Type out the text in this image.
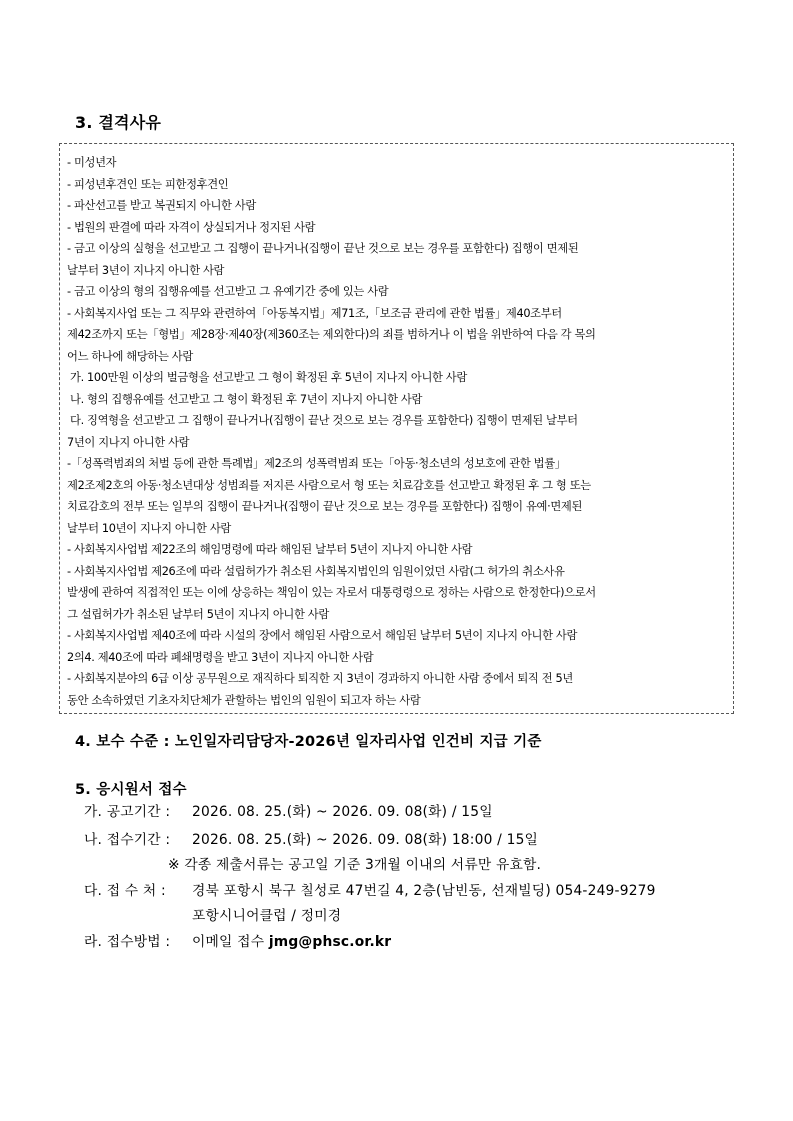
3. 결격사유
- 미성년자
- 피성년후견인 또는 피한정후견인
- 파산선고를 받고 복권되지 아니한 사람
- 법원의 판결에 따라 자격이 상실되거나 정지된 사람
- 금고 이상의 실형을 선고받고 그 집행이 끝나거나(집행이 끝난 것으로 보는 경우를 포함한다) 집행이 면제된
날부터 3년이 지나지 아니한 사람
- 금고 이상의 형의 집행유예를 선고받고 그 유예기간 중에 있는 사람
- 사회복지사업 또는 그 직무와 관련하여「아동복지법」제71조,「보조금 관리에 관한 법률」제40조부터
제42조까지 또는「형법」제28장·제40장(제360조는 제외한다)의 죄를 범하거나 이 법을 위반하여 다음 각 목의
어느 하나에 해당하는 사람
가. 100만원 이상의 벌금형을 선고받고 그 형이 확정된 후 5년이 지나지 아니한 사람
나. 형의 집행유예를 선고받고 그 형이 확정된 후 7년이 지나지 아니한 사람
다. 징역형을 선고받고 그 집행이 끝나거나(집행이 끝난 것으로 보는 경우를 포함한다) 집행이 면제된 날부터
7년이 지나지 아니한 사람
-「성폭력범죄의 처벌 등에 관한 특례법」제2조의 성폭력범죄 또는「아동·청소년의 성보호에 관한 법률」
제2조제2호의 아동·청소년대상 성범죄를 저지른 사람으로서 형 또는 치료감호를 선고받고 확정된 후 그 형 또는
치료감호의 전부 또는 일부의 집행이 끝나거나(집행이 끝난 것으로 보는 경우를 포함한다) 집행이 유예·면제된
날부터 10년이 지나지 아니한 사람
- 사회복지사업법 제22조의 해임명령에 따라 해임된 날부터 5년이 지나지 아니한 사람
- 사회복지사업법 제26조에 따라 설립허가가 취소된 사회복지법인의 임원이었던 사람(그 허가의 취소사유
발생에 관하여 직접적인 또는 이에 상응하는 책임이 있는 자로서 대통령령으로 정하는 사람으로 한정한다)으로서
그 설립허가가 취소된 날부터 5년이 지나지 아니한 사람
- 사회복지사업법 제40조에 따라 시설의 장에서 해임된 사람으로서 해임된 날부터 5년이 지나지 아니한 사람
2의4. 제40조에 따라 폐쇄명령을 받고 3년이 지나지 아니한 사람
- 사회복지분야의 6급 이상 공무원으로 재직하다 퇴직한 지 3년이 경과하지 아니한 사람 중에서 퇴직 전 5년
동안 소속하였던 기초자치단체가 관할하는 법인의 임원이 되고자 하는 사람
4. 보수 수준 : 노인일자리담당자-2026년 일자리사업 인건비 지급 기준
5. 응시원서 접수
가. 공고기간 : 2026. 08. 25.(화) ~ 2026. 09. 08(화) / 15일
나. 접수기간 : 2026. 08. 25.(화) ~ 2026. 09. 08(화) 18:00 / 15일
※ 각종 제출서류는 공고일 기준 3개월 이내의 서류만 유효함.
다. 접 수 처 : 경북 포항시 북구 칠성로 47번길 4, 2층(남빈동, 선재빌딩) 054-249-9279
포항시니어클럽 / 정미경
라. 접수방법 : 이메일 접수 jmg@phsc.or.kr
